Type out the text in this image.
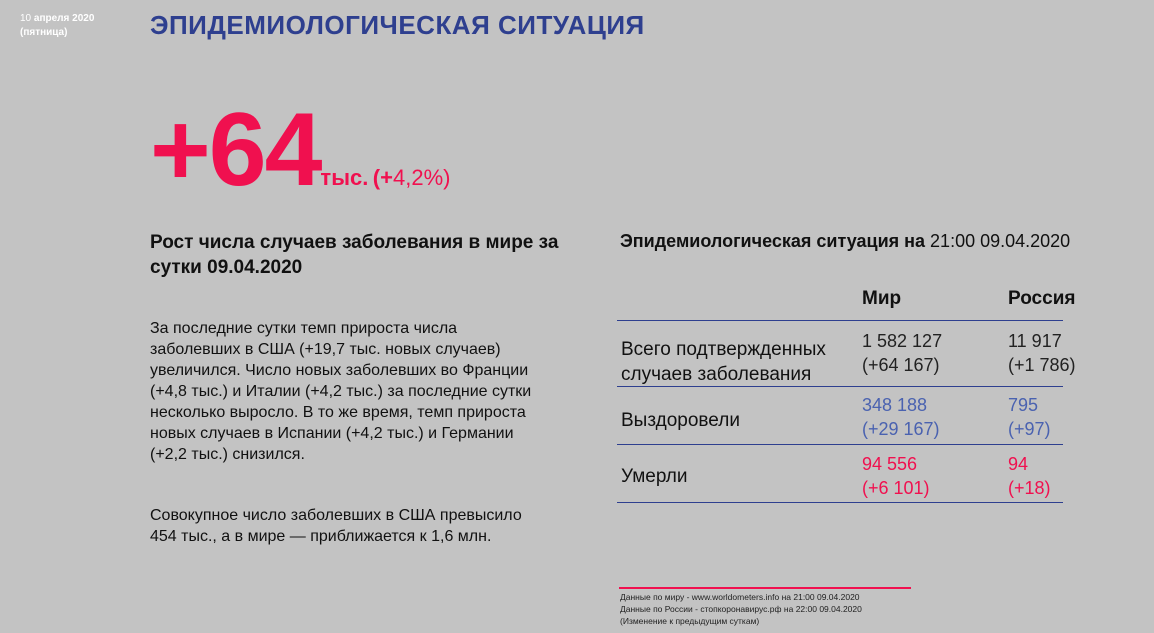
10 апреля 2020
(пятница)	ЭПИДЕМИОЛОГИЧЕСКАЯ СИТУАЦИЯ
+64тыс. (+4,2%)
Рост числа случаев заболевания в мире за сутки 09.04.2020
За последние сутки темп прироста числа заболевших в США (+19,7 тыс. новых случаев) увеличился. Число новых заболевших во Франции (+4,8 тыс.) и Италии (+4,2 тыс.) за последние сутки несколько выросло. В то же время, темп прироста новых случаев в Испании (+4,2 тыс.) и Германии (+2,2 тыс.) снизился.
Совокупное число заболевших в США превысило 454 тыс., а в мире — приближается к 1,6 млн.
Эпидемиологическая ситуация на 21:00 09.04.2020
Мир	Россия
Всего подтвержденных случаев заболевания
1 582 127
(+64 167)
11 917
(+1 786)
Выздоровели
348 188
(+29 167)
795
(+97)
Умерли
94 556
(+6 101)
94
(+18)
Данные по миру - www.worldometers.info на 21:00 09.04.2020
Данные по России - стопкоронавирус.рф на 22:00 09.04.2020
(Изменение к предыдущим суткам)
